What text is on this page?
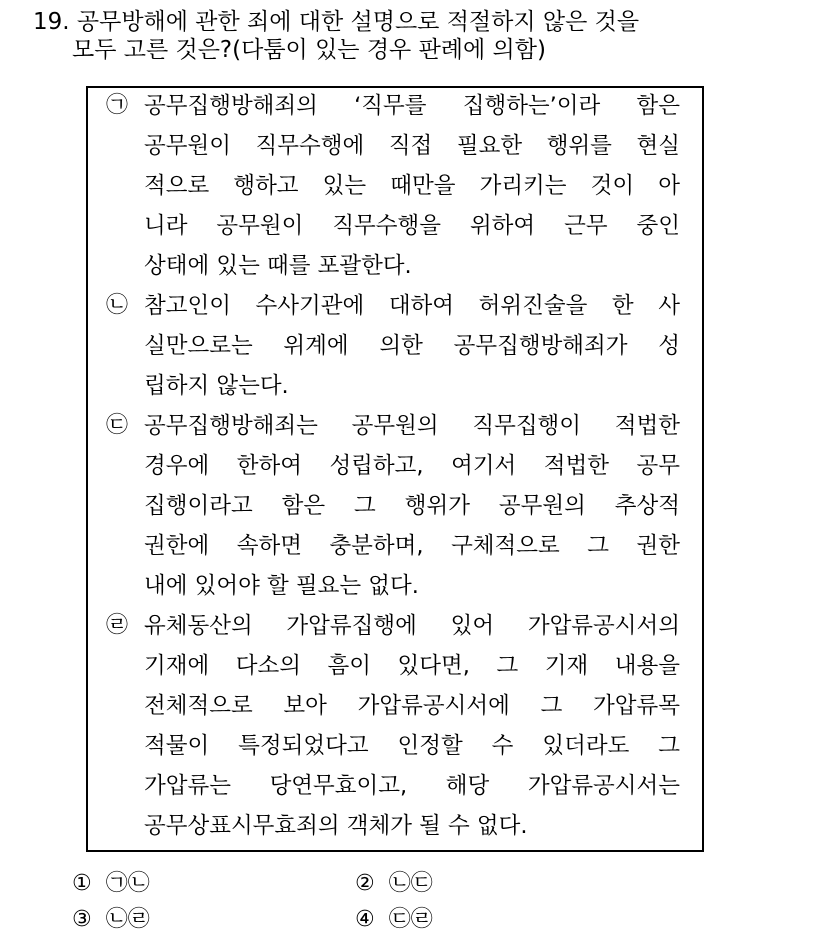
19. 공무방해에 관한 죄에 대한 설명으로 적절하지 않은 것을
모두 고른 것은?(다툼이 있는 경우 판례에 의함)
㉠ 공무집행방해죄의 ‘직무를 집행하는’이라 함은
공무원이 직무수행에 직접 필요한 행위를 현실
적으로 행하고 있는 때만을 가리키는 것이 아
니라 공무원이 직무수행을 위하여 근무 중인
상태에 있는 때를 포괄한다.
㉡ 참고인이 수사기관에 대하여 허위진술을 한 사
실만으로는 위계에 의한 공무집행방해죄가 성
립하지 않는다.
㉢ 공무집행방해죄는 공무원의 직무집행이 적법한
경우에 한하여 성립하고, 여기서 적법한 공무
집행이라고 함은 그 행위가 공무원의 추상적
권한에 속하면 충분하며, 구체적으로 그 권한
내에 있어야 할 필요는 없다.
㉣ 유체동산의 가압류집행에 있어 가압류공시서의
기재에 다소의 흠이 있다면, 그 기재 내용을
전체적으로 보아 가압류공시서에 그 가압류목
적물이 특정되었다고 인정할 수 있더라도 그
가압류는 당연무효이고, 해당 가압류공시서는
공무상표시무효죄의 객체가 될 수 없다.
① ㉠㉡	② ㉡㉢
③ ㉡㉣	④ ㉢㉣
